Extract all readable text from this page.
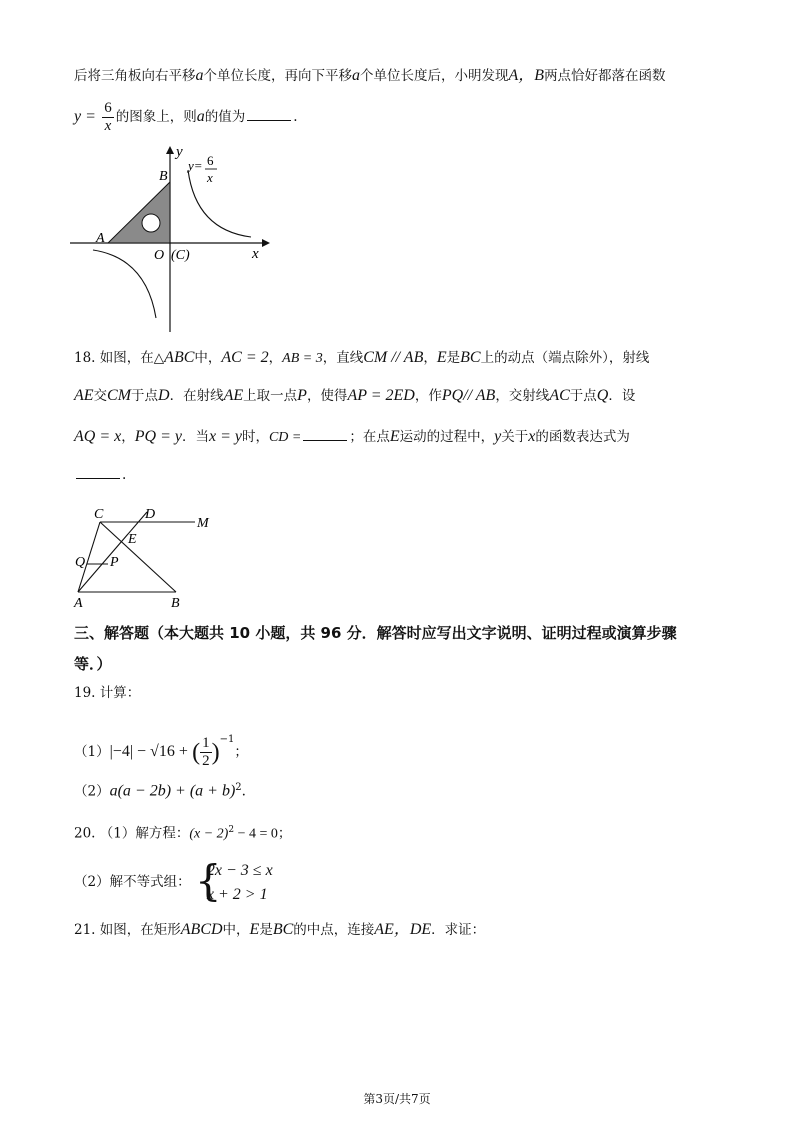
后将三角板向右平移a个单位长度，再向下平移a个单位长度后，小明发现A，B两点恰好都落在函数
$y = \frac{6}{x}$ 的图象上，则a的值为	.
y
x
B
A
O (C)
y= 6
x
18. 如图，在△ABC中，AC = 2，AB = 3，直线CM // AB，E是BC上的动点（端点除外），射线
AE交CM于点D．在射线AE上取一点P，使得AP = 2ED，作PQ// AB，交射线AC于点Q．设
AQ = x，PQ = y．当x = y时，CD =	；在点E运动的过程中，y关于x的函数表达式为
.
C	D
M
E
Q P
A	B
三、解答题（本大题共 10 小题，共 96 分．解答时应写出文字说明、证明过程或演算步骤
等．）
19. 计算：
（1）|−4| − √16 + ( $\frac{1}{2} )^{-1}$；
$(2)a(a - 2b) + (a + b)^2$.
20. （1）解方程：$(x - 2)^2 - 4 = 0$；
（2）解不等式组： {
2x − 3 ≤ x
x + 2 > 1
21. 如图，在矩形ABCD中，E是BC的中点，连接AE，DE．求证：
第3页/共7页
